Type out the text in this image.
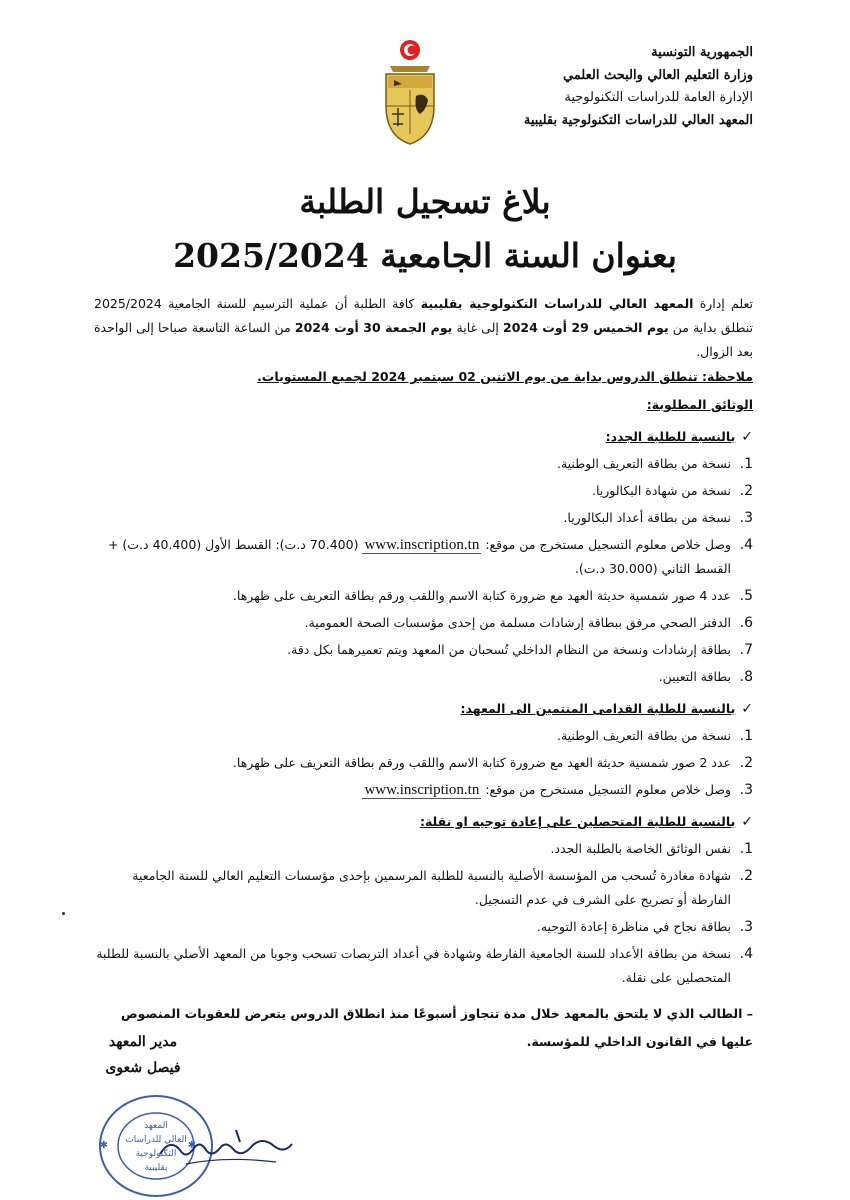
الجمهورية التونسية
وزارة التعليم العالي والبحث العلمي
الإدارة العامة للدراسات التكنولوجية
المعهد العالي للدراسات التكنولوجية بقليبية
بلاغ تسجيل الطلبة
بعنوان السنة الجامعية 2025/2024
تعلم إدارة المعهد العالي للدراسات التكنولوجية بقليبية كافة الطلبة أن عملية الترسيم للسنة الجامعية 2025/2024 تنطلق بداية من يوم الخميس 29 أوت 2024 إلى غاية يوم الجمعة 30 أوت 2024 من الساعة التاسعة صباحا إلى الواحدة بعد الزوال.
ملاحظة: تنطلق الدروس بداية من يوم الاثنين 02 سبتمبر 2024 لجميع المستويات.
الوثائق المطلوبة:
✓
بالنسبة للطلبة الجدد:
1.
نسخة من بطاقة التعريف الوطنية.
2.
نسخة من شهادة البكالوريا.
3.
نسخة من بطاقة أعداد البكالوريا.
4.
وصل خلاص معلوم التسجيل مستخرج من موقع: www.inscription.tn (70.400 د.ت): القسط الأول (40.400 د.ت) + القسط الثاني (30.000 د.ت).
5.
عدد 4 صور شمسية حديثة العهد مع ضرورة كتابة الاسم واللقب ورقم بطاقة التعريف على ظهرها.
6.
الدفتر الصحي مرفق ببطاقة إرشادات مسلمة من إحدى مؤسسات الصحة العمومية.
7.
بطاقة إرشادات ونسخة من النظام الداخلي تُسحبان من المعهد ويتم تعميرهما بكل دقة.
8.
بطاقة التعيين.
✓
بالنسبة للطلبة القدامى المنتمين الى المعهد:
1.
نسخة من بطاقة التعريف الوطنية.
2.
عدد 2 صور شمسية حديثة العهد مع ضرورة كتابة الاسم واللقب ورقم بطاقة التعريف على ظهرها.
3.
وصل خلاص معلوم التسجيل مستخرج من موقع: www.inscription.tn
✓
بالنسبة للطلبة المتحصلين على إعادة توجيه او نقلة:
1.
نفس الوثائق الخاصة بالطلبة الجدد.
2.
شهادة مغادرة تُسحب من المؤسسة الأصلية بالنسبة للطلبة المرسمين بإحدى مؤسسات التعليم العالي للسنة الجامعية الفارطة أو تصريح على الشرف في عدم التسجيل.
3.
بطاقة نجاح في مناظرة إعادة التوجيه.
4.
نسخة من بطاقة الأعداد للسنة الجامعية الفارطة وشهادة في أعداد التربصات تسحب وجوبا من المعهد الأصلي بالنسبة للطلبة المتحصلين على نقلة.
– الطالب الذي لا يلتحق بالمعهد خلال مدة تتجاوز أسبوعًا منذ انطلاق الدروس يتعرض للعقوبات المنصوص عليها في القانون الداخلي للمؤسسة.
مدير المعهد
فيصل شعوى
المعهد
العالي للدراسات
التكنولوجية
بقليبية
✱	✱
